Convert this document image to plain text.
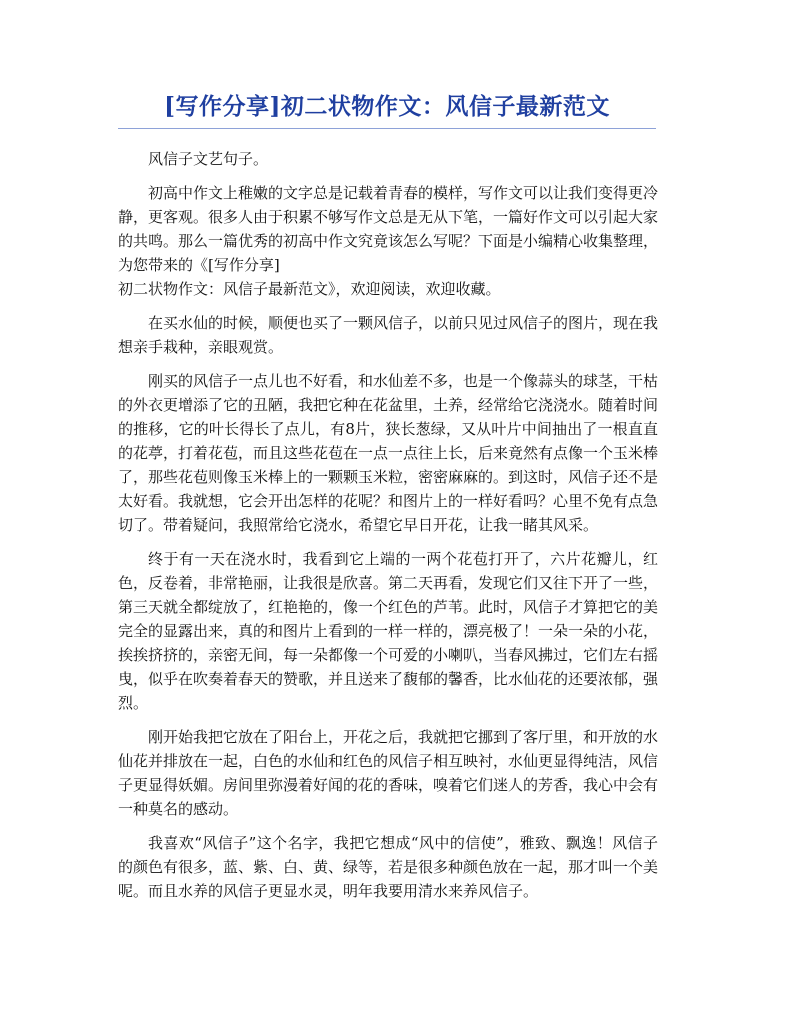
[写作分享]初二状物作文：风信子最新范文

风信子文艺句子。

初高中作文上稚嫩的文字总是记载着青春的模样，写作文可以让我们变得更冷静，更客观。很多人由于积累不够写作文总是无从下笔，一篇好作文可以引起大家的共鸣。那么一篇优秀的初高中作文究竟该怎么写呢？下面是小编精心收集整理，为您带来的《[写作分享]

初二状物作文：风信子最新范文》，欢迎阅读，欢迎收藏。

在买水仙的时候，顺便也买了一颗风信子，以前只见过风信子的图片，现在我想亲手栽种，亲眼观赏。

刚买的风信子一点儿也不好看，和水仙差不多，也是一个像蒜头的球茎，干枯的外衣更增添了它的丑陋，我把它种在花盆里，土养，经常给它浇浇水。随着时间的推移，它的叶长得长了点儿，有8片，狭长葱绿，又从叶片中间抽出了一根直直的花葶，打着花苞，而且这些花苞在一点一点往上长，后来竟然有点像一个玉米棒了，那些花苞则像玉米棒上的一颗颗玉米粒，密密麻麻的。到这时，风信子还不是太好看。我就想，它会开出怎样的花呢？和图片上的一样好看吗？心里不免有点急切了。带着疑问，我照常给它浇水，希望它早日开花，让我一睹其风采。

终于有一天在浇水时，我看到它上端的一两个花苞打开了，六片花瓣儿，红色，反卷着，非常艳丽，让我很是欣喜。第二天再看，发现它们又往下开了一些，第三天就全都绽放了，红艳艳的，像一个红色的芦苇。此时，风信子才算把它的美完全的显露出来，真的和图片上看到的一样一样的，漂亮极了！一朵一朵的小花，挨挨挤挤的，亲密无间，每一朵都像一个可爱的小喇叭，当春风拂过，它们左右摇曳，似乎在吹奏着春天的赞歌，并且送来了馥郁的馨香，比水仙花的还要浓郁，强烈。

刚开始我把它放在了阳台上，开花之后，我就把它挪到了客厅里，和开放的水仙花并排放在一起，白色的水仙和红色的风信子相互映衬，水仙更显得纯洁，风信子更显得妖媚。房间里弥漫着好闻的花的香味，嗅着它们迷人的芳香，我心中会有一种莫名的感动。

我喜欢“风信子”这个名字，我把它想成“风中的信使”，雅致、飘逸！风信子的颜色有很多，蓝、紫、白、黄、绿等，若是很多种颜色放在一起，那才叫一个美呢。而且水养的风信子更显水灵，明年我要用清水来养风信子。
